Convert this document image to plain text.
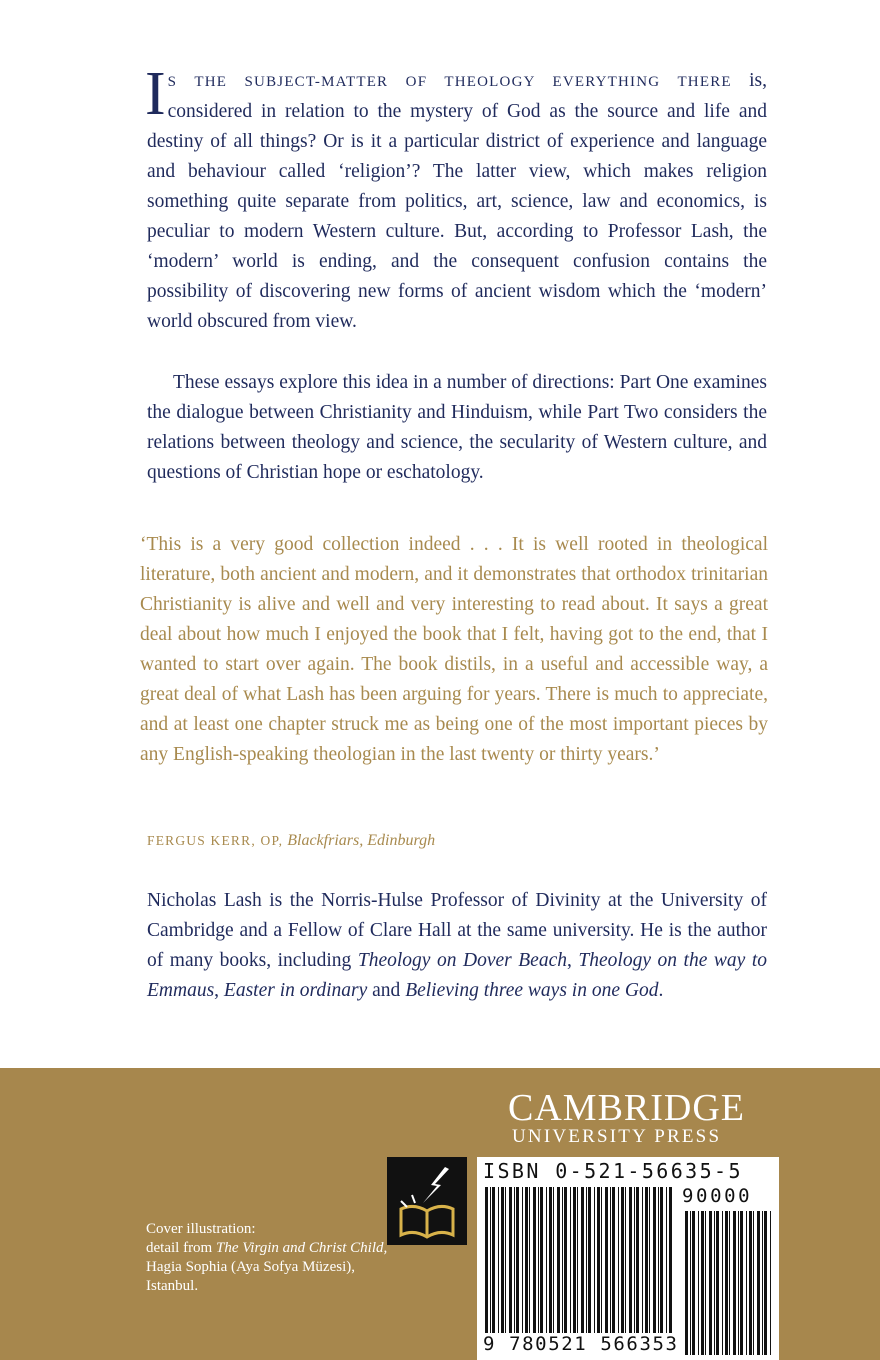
I S THE SUBJECT-MATTER OF THEOLOGY EVERYTHING THERE is, considered in relation to the mystery of God as the source and life and destiny of all things? Or is it a particular district of experience and language and behaviour called ‘religion’? The latter view, which makes religion something quite separate from politics, art, science, law and economics, is peculiar to modern Western culture. But, according to Professor Lash, the ‘modern’ world is ending, and the consequent confusion contains the possibility of discovering new forms of ancient wisdom which the ‘modern’ world obscured from view.
These essays explore this idea in a number of directions: Part One examines the dialogue between Christianity and Hinduism, while Part Two considers the relations between theology and science, the secularity of Western culture, and questions of Christian hope or eschatology.
‘This is a very good collection indeed . . . It is well rooted in theological literature, both ancient and modern, and it demonstrates that orthodox trinitarian Christianity is alive and well and very interesting to read about. It says a great deal about how much I enjoyed the book that I felt, having got to the end, that I wanted to start over again. The book distils, in a useful and accessible way, a great deal of what Lash has been arguing for years. There is much to appreciate, and at least one chapter struck me as being one of the most important pieces by any English-speaking theologian in the last twenty or thirty years.’
FERGUS KERR, OP, Blackfriars, Edinburgh
Nicholas Lash is the Norris-Hulse Professor of Divinity at the University of Cambridge and a Fellow of Clare Hall at the same university. He is the author of many books, including Theology on Dover Beach, Theology on the way to Emmaus, Easter in ordinary and Believing three ways in one God.
CAMBRIDGE
UNIVERSITY PRESS
ISBN 0-521-56635-5
90000
9 780521 566353
Cover illustration:
detail from The Virgin and Christ Child, Hagia Sophia (Aya Sofya Müzesi), Istanbul.
